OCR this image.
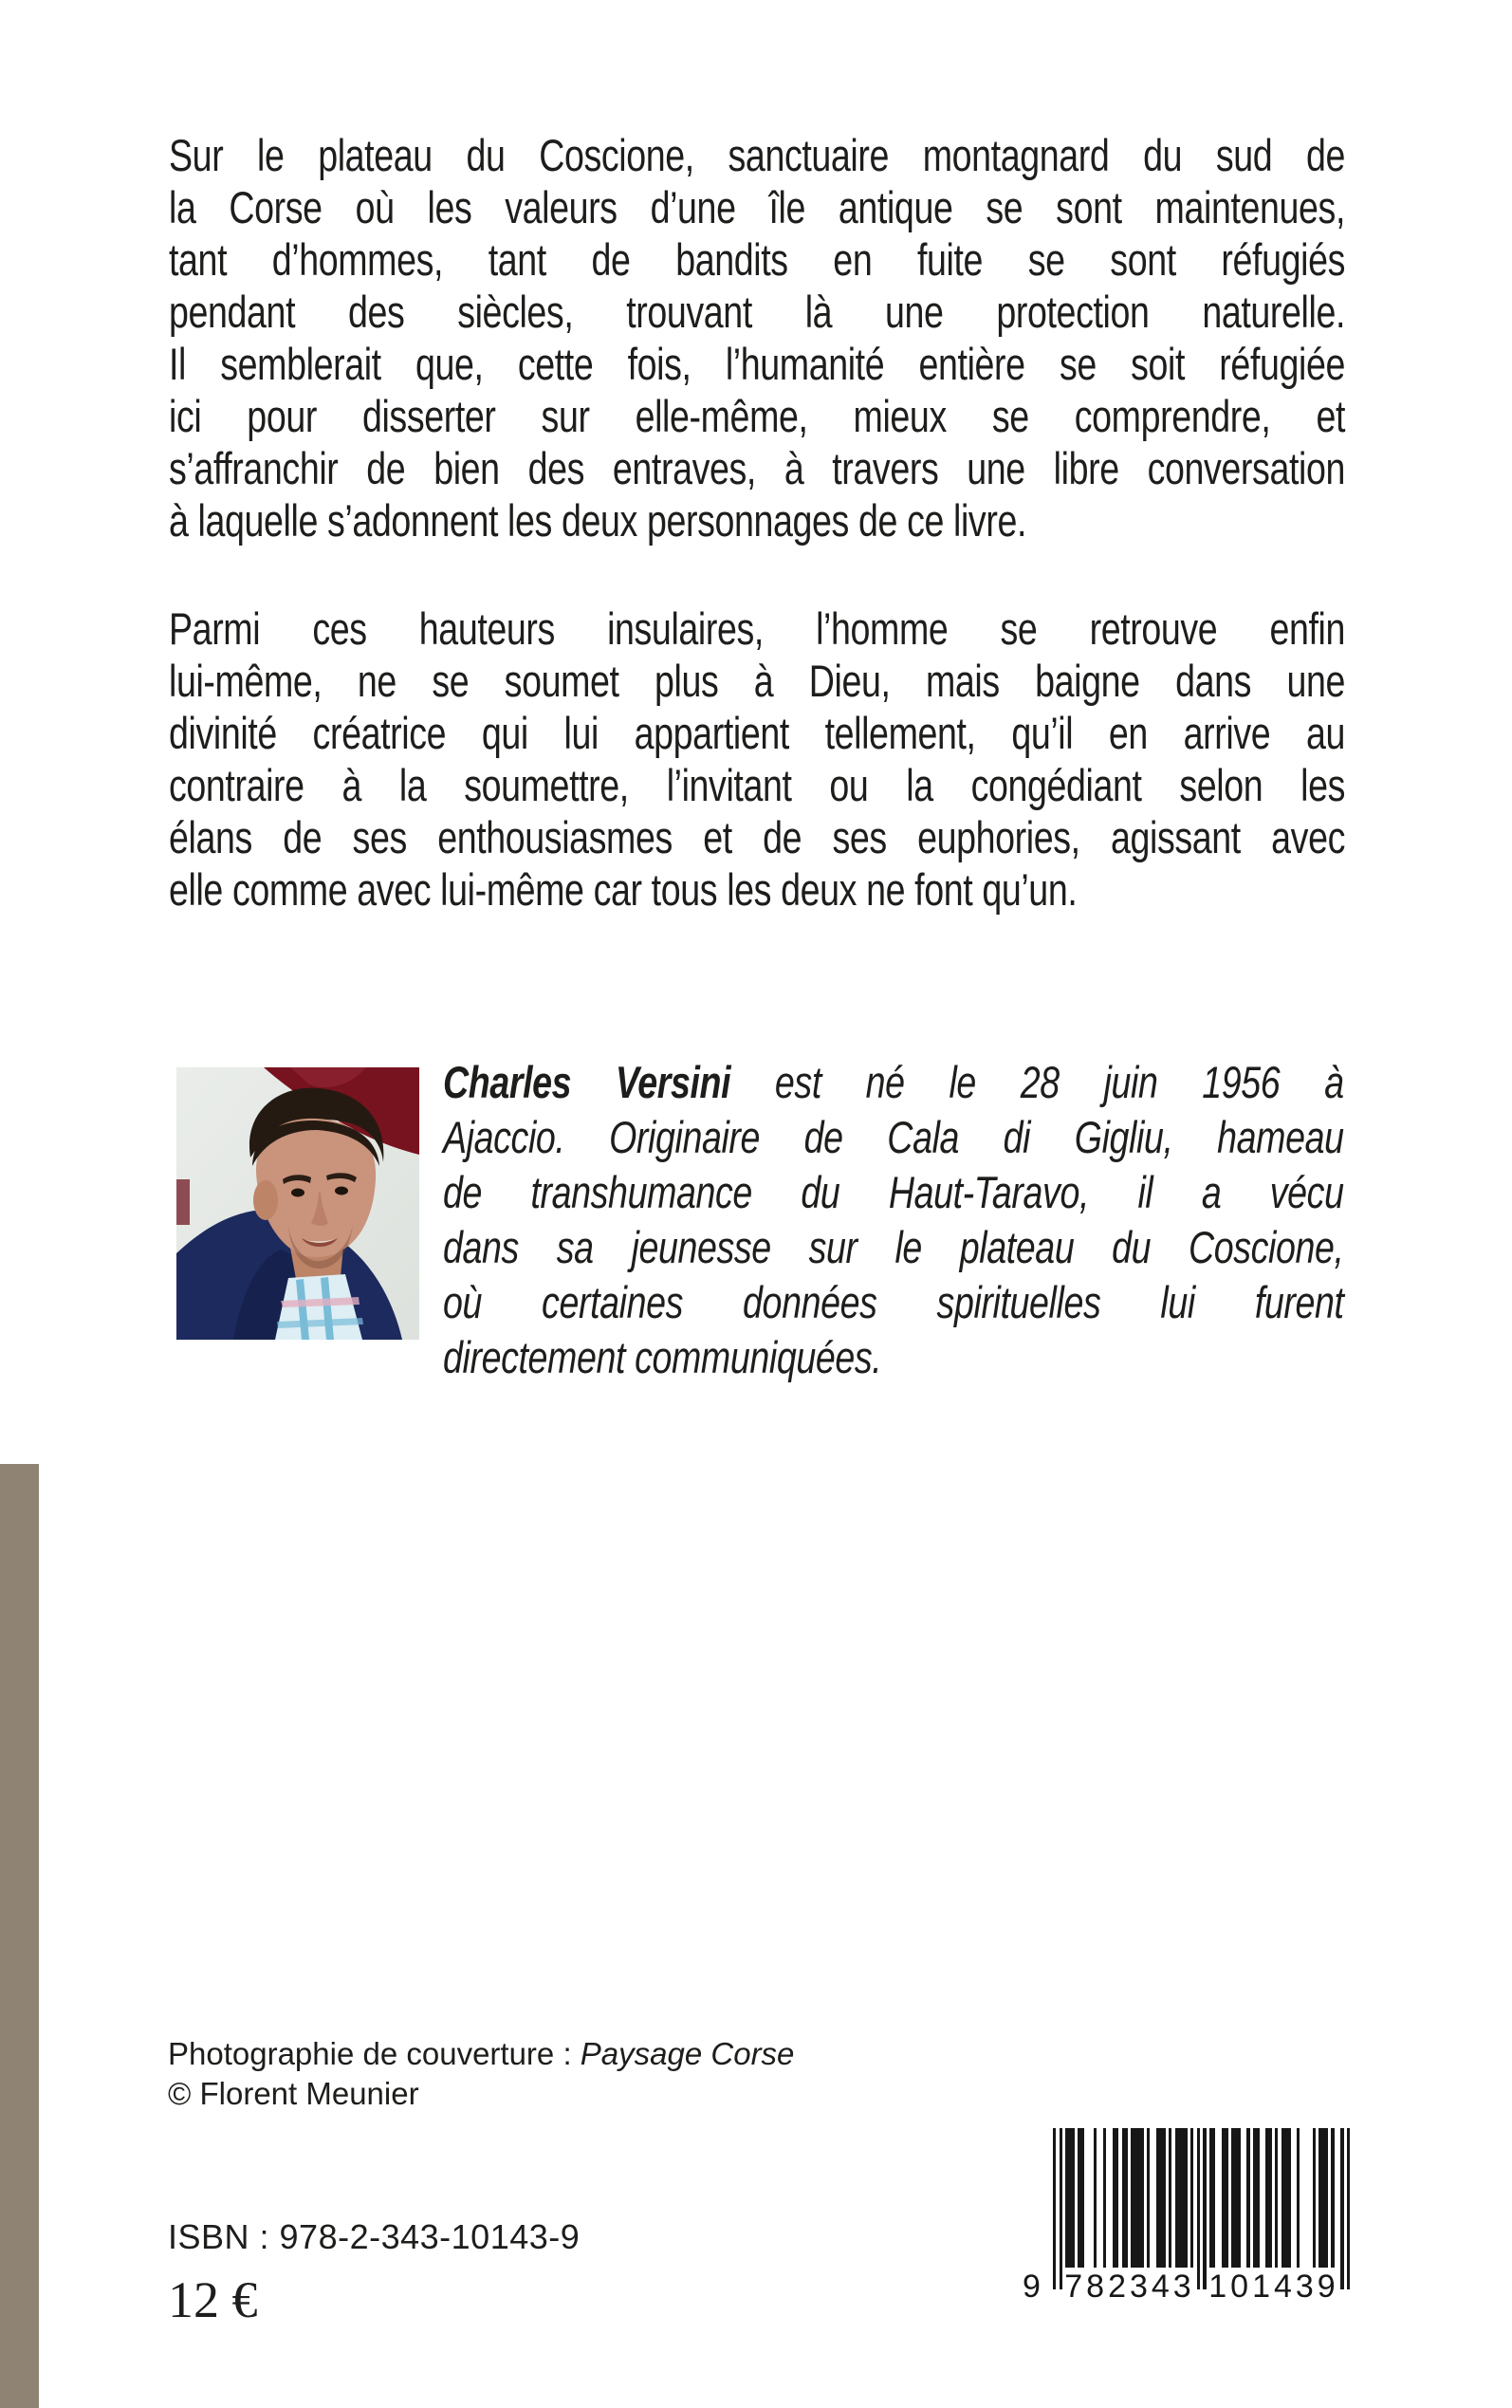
Sur le plateau du Coscione, sanctuaire montagnard du sud de
la Corse où les valeurs d’une île antique se sont maintenues,
tant d’hommes, tant de bandits en fuite se sont réfugiés
pendant des siècles, trouvant là une protection naturelle.
Il semblerait que, cette fois, l’humanité entière se soit réfugiée
ici pour disserter sur elle-même, mieux se comprendre, et
s’affranchir de bien des entraves, à travers une libre conversation
à laquelle s’adonnent les deux personnages de ce livre.
Parmi ces hauteurs insulaires, l’homme se retrouve enfin
lui-même, ne se soumet plus à Dieu, mais baigne dans une
divinité créatrice qui lui appartient tellement, qu’il en arrive au
contraire à la soumettre, l’invitant ou la congédiant selon les
élans de ses enthousiasmes et de ses euphories, agissant avec
elle comme avec lui-même car tous les deux ne font qu’un.
Charles Versini est né le 28 juin 1956 à
Ajaccio. Originaire de Cala di Gigliu, hameau
de transhumance du Haut-Taravo, il a vécu
dans sa jeunesse sur le plateau du Coscione,
où certaines données spirituelles lui furent
directement communiquées.
Photographie de couverture : Paysage Corse
© Florent Meunier
ISBN : 978-2-343-10143-9
12 €	9 782343 101439
